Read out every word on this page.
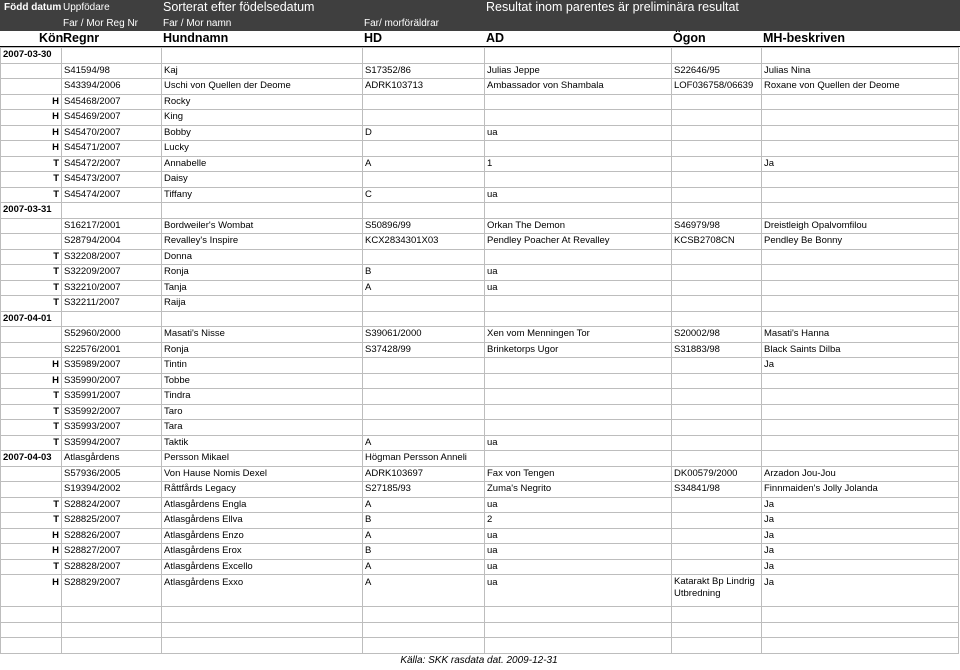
Född datum Uppfödare	Sorterat efter födelsedatum	Resultat inom parentes är preliminära resultat
Far / Mor Reg Nr Far / Mor namn	Far/ morföräldrar
Kön Regnr	Hundnamn	HD	AD	Ögon	MH-beskriven
2007-03-30						
	S41594/98	Kaj	S17352/86	Julias Jeppe	S22646/95	Julias Nina
	S43394/2006	Uschi von Quellen der Deome	ADRK103713	Ambassador von Shambala	LOF036758/06639	Roxane von Quellen der Deome
H	S45468/2007	Rocky				
H	S45469/2007	King				
H	S45470/2007	Bobby	D	ua		
H	S45471/2007	Lucky				
T	S45472/2007	Annabelle	A	1		Ja
T	S45473/2007	Daisy				
T	S45474/2007	Tiffany	C	ua		
2007-03-31						
	S16217/2001	Bordweiler's Wombat	S50896/99	Orkan The Demon	S46979/98	Dreistleigh Opalvomfilou
	S28794/2004	Revalley's Inspire	KCX2834301X03	Pendley Poacher At Revalley	KCSB2708CN	Pendley Be Bonny
T	S32208/2007	Donna				
T	S32209/2007	Ronja	B	ua		
T	S32210/2007	Tanja	A	ua		
T	S32211/2007	Raija				
2007-04-01						
	S52960/2000	Masati's Nisse	S39061/2000	Xen vom Menningen Tor	S20002/98	Masati's Hanna
	S22576/2001	Ronja	S37428/99	Brinketorps Ugor	S31883/98	Black Saints Dilba
H	S35989/2007	Tintin				Ja
H	S35990/2007	Tobbe				
T	S35991/2007	Tindra				
T	S35992/2007	Taro				
T	S35993/2007	Tara				
T	S35994/2007	Taktik	A	ua		
2007-04-03	Atlasgårdens	Persson Mikael	Högman Persson Anneli			
	S57936/2005	Von Hause Nomis Dexel	ADRK103697	Fax von Tengen	DK00579/2000	Arzadon Jou-Jou
	S19394/2002	Råttfårds Legacy	S27185/93	Zuma's Negrito	S34841/98	Finnmaiden's Jolly Jolanda
T	S28824/2007	Atlasgårdens Engla	A	ua		Ja
T	S28825/2007	Atlasgårdens Ellva	B	2		Ja
H	S28826/2007	Atlasgårdens Enzo	A	ua		Ja
H	S28827/2007	Atlasgårdens Erox	B	ua		Ja
T	S28828/2007	Atlasgårdens Excello	A	ua		Ja
H	S28829/2007	Atlasgårdens Exxo	A	ua	Katarakt Bp Lindrig Utbredning	Ja

Källa: SKK rasdata dat. 2009-12-31
